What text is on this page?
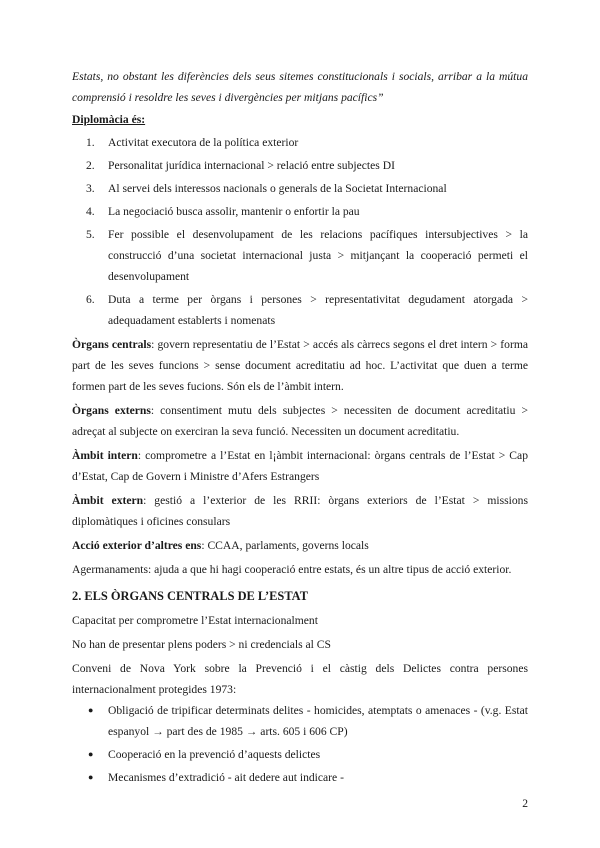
Estats, no obstant les diferències dels seus sitemes constitucionals i socials, arribar a la mútua comprensió i resoldre les seves i divergències per mitjans pacífics”

Diplomàcia és:

1.	Activitat executora de la política exterior
2.	Personalitat jurídica internacional > relació entre subjectes DI
3.	Al servei dels interessos nacionals o generals de la Societat Internacional
4.	La negociació busca assolir, mantenir o enfortir la pau
5.	Fer possible el desenvolupament de les relacions pacífiques intersubjectives > la construcció d’una societat internacional justa > mitjançant la cooperació permeti el desenvolupament
6.	Duta a terme per òrgans i persones > representativitat degudament atorgada > adequadament establerts i nomenats

Òrgans centrals: govern representatiu de l’Estat > accés als càrrecs segons el dret intern > forma part de les seves funcions > sense document acreditatiu ad hoc. L’activitat que duen a terme formen part de les seves fucions. Són els de l’àmbit intern.

Òrgans externs: consentiment mutu dels subjectes > necessiten de document acreditatiu > adreçat al subjecte on exerciran la seva funció. Necessiten un document acreditatiu.

Àmbit intern: comprometre a l’Estat en l¡àmbit internacional: òrgans centrals de l’Estat > Cap d’Estat, Cap de Govern i Ministre d’Afers Estrangers

Àmbit extern: gestió a l’exterior de les RRII: òrgans exteriors de l’Estat > missions diplomàtiques i oficines consulars

Acció exterior d’altres ens: CCAA, parlaments, governs locals

Agermanaments: ajuda a que hi hagi cooperació entre estats, és un altre tipus de acció exterior.

2. ELS ÒRGANS CENTRALS DE L’ESTAT

Capacitat per comprometre l’Estat internacionalment

No han de presentar plens poders > ni credencials al CS

Conveni de Nova York sobre la Prevenció i el càstig dels Delictes contra persones internacionalment protegides 1973:

● Obligació de tripificar determinats delites - homicides, atemptats o amenaces - (v.g. Estat espanyol → part des de 1985 → arts. 605 i 606 CP)
● Cooperació en la prevenció d’aquests delictes
● Mecanismes d’extradició - ait dedere aut indicare -
2
